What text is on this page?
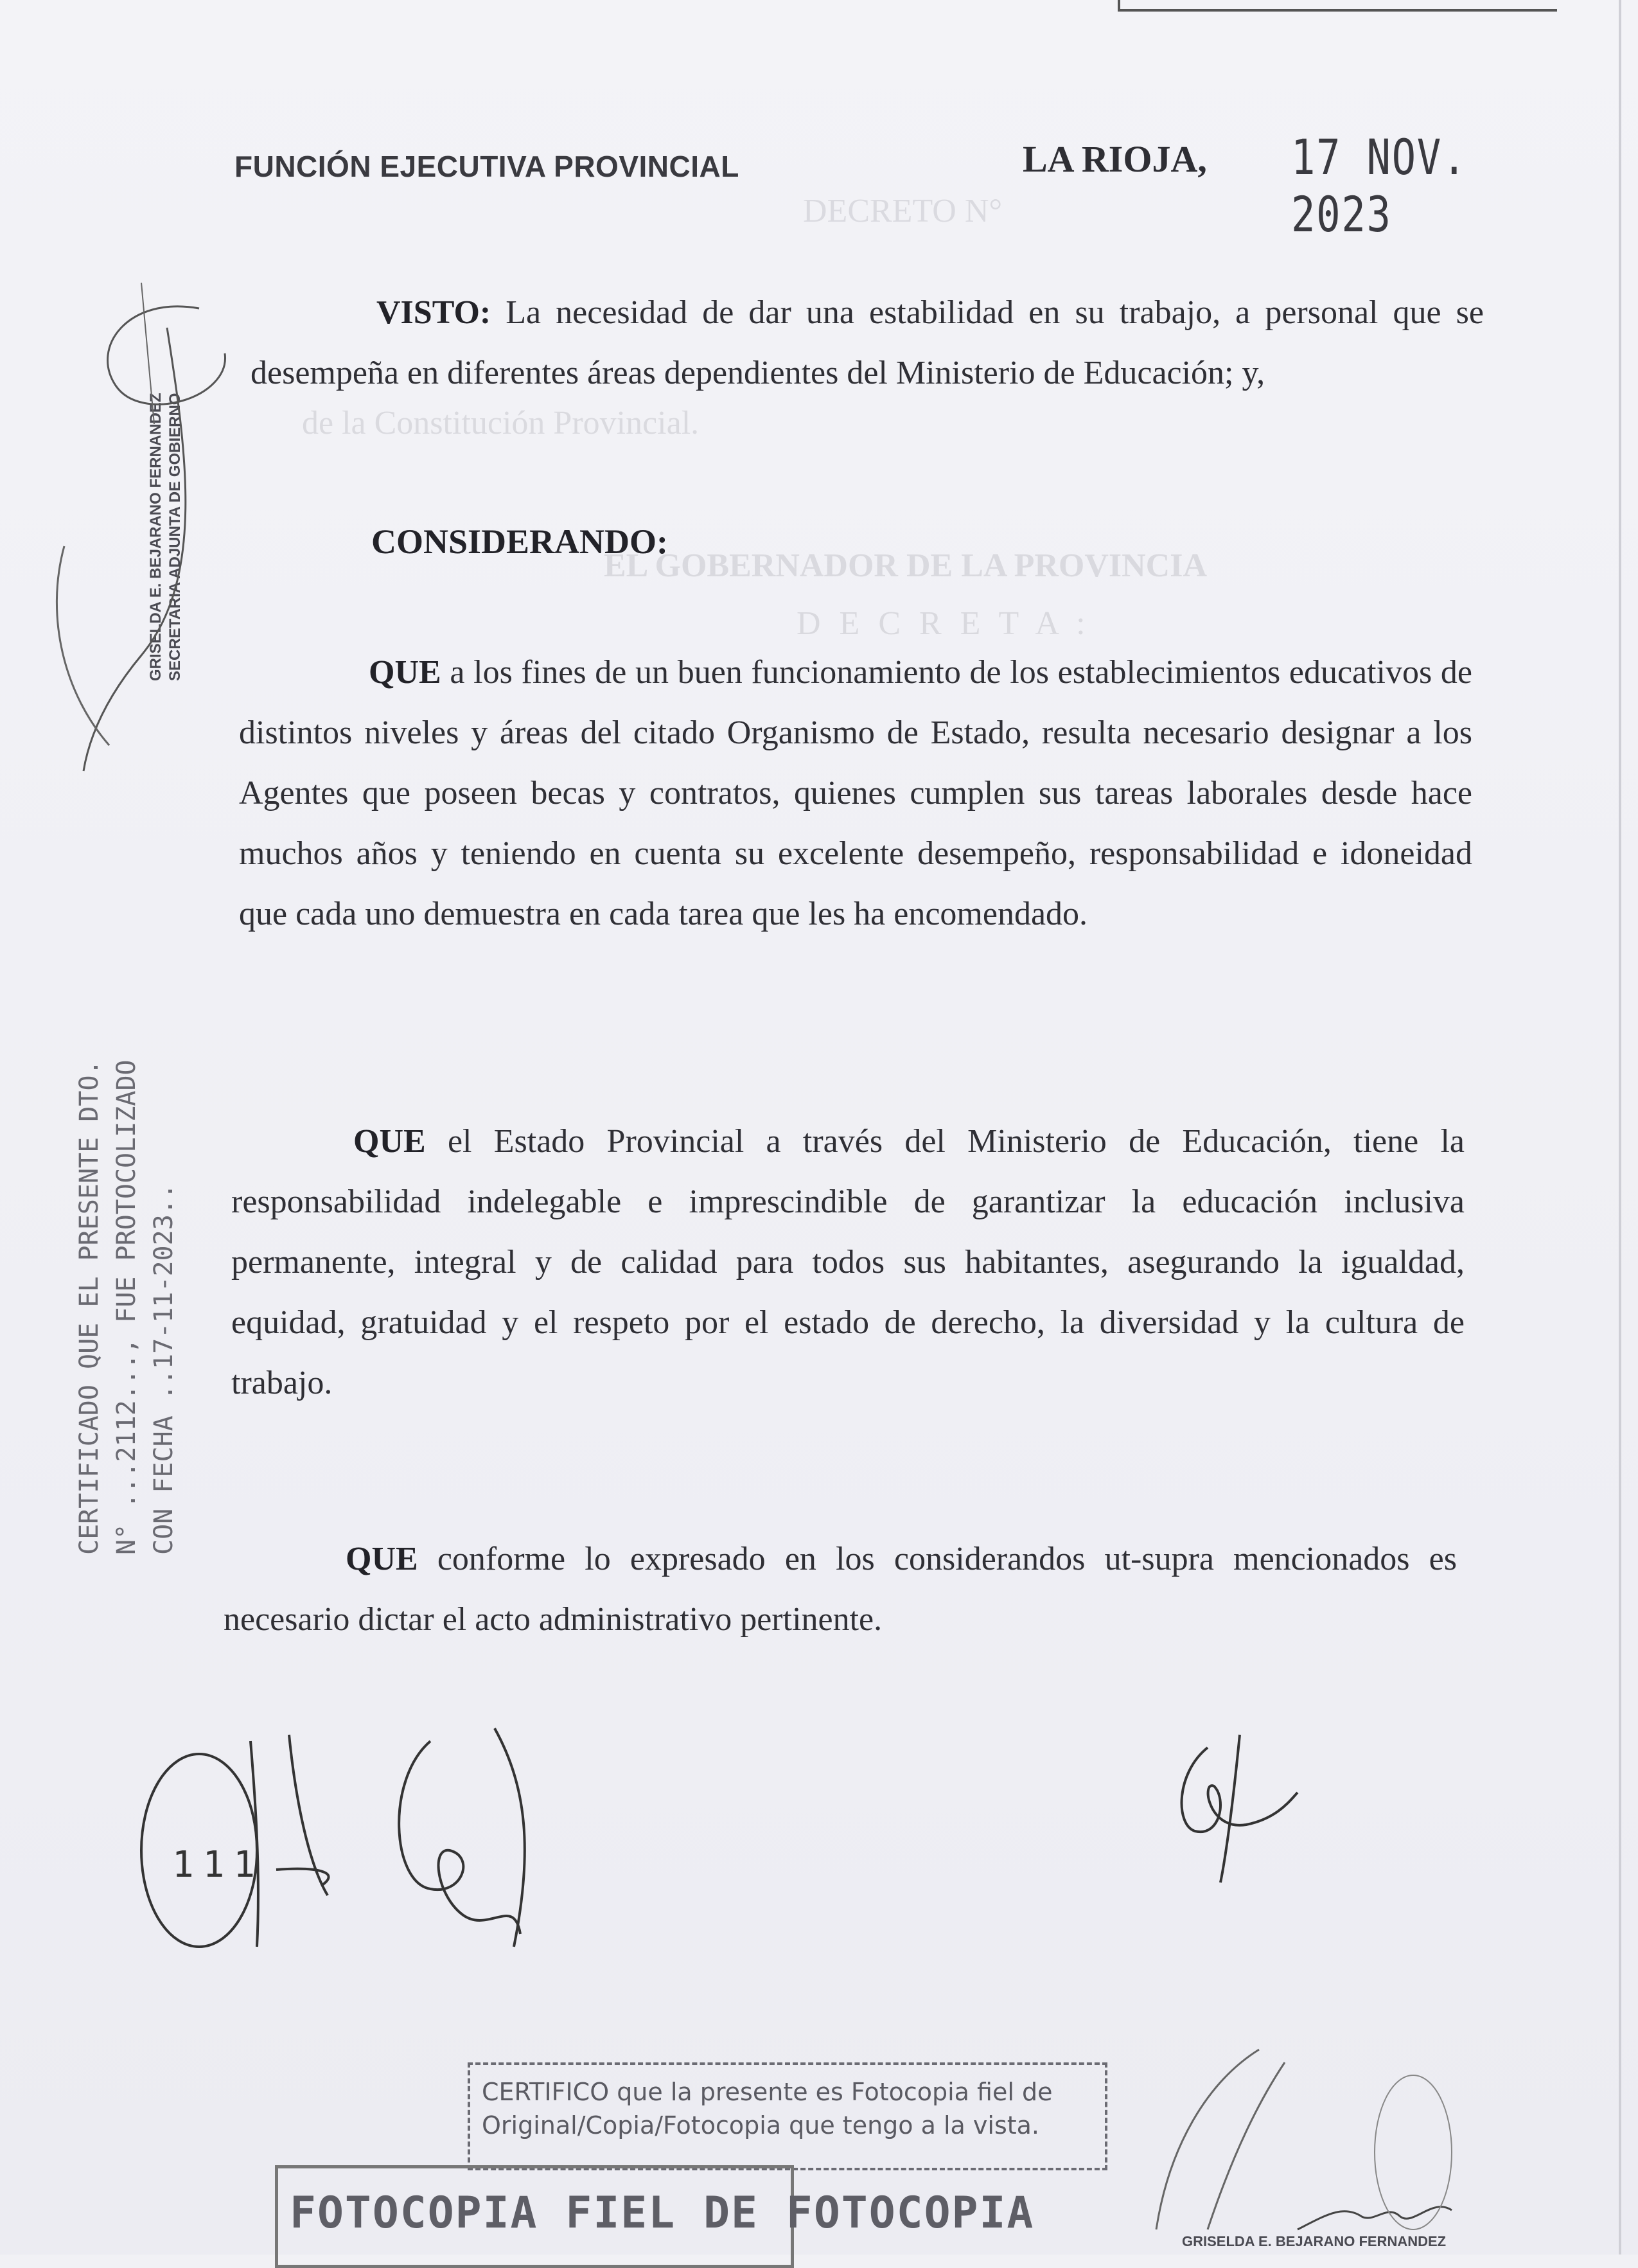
DECRETO N°
de la Constitución Provincial.
EL GOBERNADOR DE LA PROVINCIA
D E C R E T A :
FUNCIÓN EJECUTIVA PROVINCIAL	LA RIOJA, 17 NOV. 2023
VISTO: La necesidad de dar una estabilidad en su trabajo, a personal que se desempeña en diferentes áreas dependientes del Ministerio de Educación; y,
CONSIDERANDO:
QUE a los fines de un buen funcionamiento de los establecimientos educativos de distintos niveles y áreas del citado Organismo de Estado, resulta necesario designar a los Agentes que poseen becas y contratos, quienes cumplen sus tareas laborales desde hace muchos años y teniendo en cuenta su excelente desempeño, responsabilidad e idoneidad que cada uno demuestra en cada tarea que les ha encomendado.
QUE el Estado Provincial a través del Ministerio de Educación, tiene la responsabilidad indelegable e imprescindible de garantizar la educación inclusiva permanente, integral y de calidad para todos sus habitantes, asegurando la igualdad, equidad, gratuidad y el respeto por el estado de derecho, la diversidad y la cultura de trabajo.
QUE conforme lo expresado en los considerandos ut-supra mencionados es necesario dictar el acto administrativo pertinente.
CERTIFICADO QUE EL PRESENTE DTO. N° ...2112..., FUE PROTOCOLIZADO CON FECHA ..17-11-2023..
GRISELDA E. BEJARANO FERNANDEZ SECRETARIA ADJUNTA DE GOBIERNO
111
CERTIFICO que la presente es Fotocopia fiel de Original/Copia/Fotocopia que tengo a la vista.
FOTOCOPIA FIEL DE FOTOCOPIA
GRISELDA E. BEJARANO FERNANDEZ
